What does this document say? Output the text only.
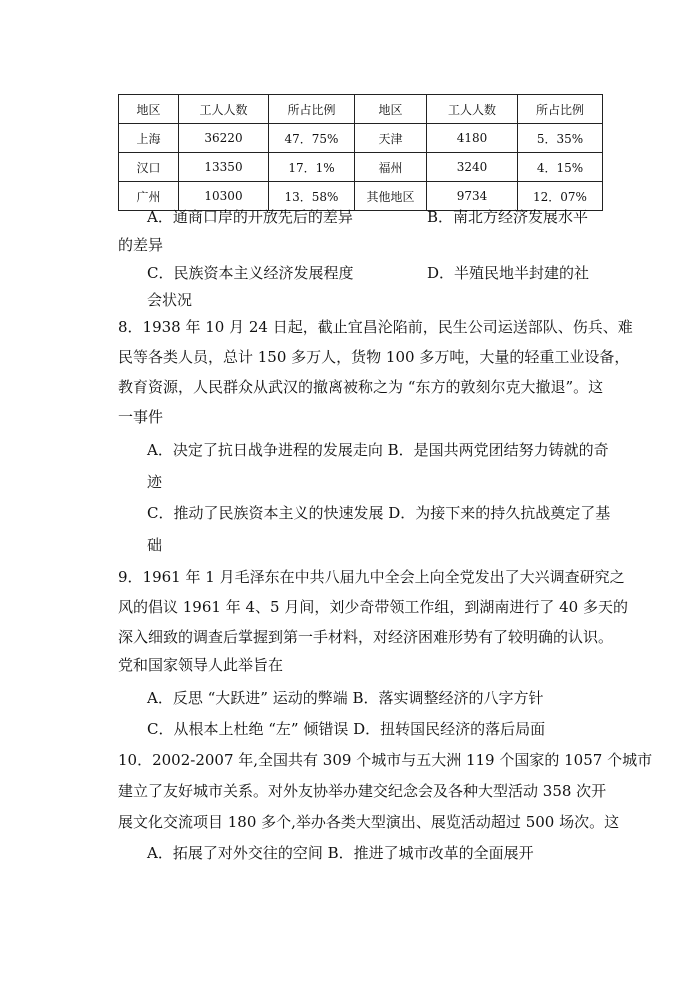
地区	工人人数	所占比例	地区	工人人数	所占比例
上海	36220	47．75%	天津	4180	5．35%
汉口	13350	17．1%	福州	3240	4．15%
广州	10300	13．58%	其他地区	9734	12．07%
A．通商口岸的开放先后的差异	B．南北方经济发展水平
的差异
C．民族资本主义经济发展程度	D．半殖民地半封建的社
会状况
8．1938 年 10 月 24 日起，截止宜昌沦陷前，民生公司运送部队、伤兵、难
民等各类人员，总计 150 多万人，货物 100 多万吨，大量的轻重工业设备，
教育资源，人民群众从武汉的撤离被称之为 “东方的敦刻尔克大撤退”。这
一事件
A．决定了抗日战争进程的发展走向 B．是国共两党团结努力铸就的奇
迹
C．推动了民族资本主义的快速发展 D．为接下来的持久抗战奠定了基
础
9．1961 年 1 月毛泽东在中共八届九中全会上向全党发出了大兴调查研究之
风的倡议 1961 年 4、5 月间，刘少奇带领工作组，到湖南进行了 40 多天的
深入细致的调查后掌握到第一手材料，对经济困难形势有了较明确的认识。
党和国家领导人此举旨在
A．反思 “大跃进” 运动的弊端 B．落实调整经济的八字方针
C．从根本上杜绝 “左” 倾错误 D．扭转国民经济的落后局面
10．2002-2007 年,全国共有 309 个城市与五大洲 119 个国家的 1057 个城市
建立了友好城市关系。对外友协举办建交纪念会及各种大型活动 358 次开
展文化交流项目 180 多个,举办各类大型演出、展览活动超过 500 场次。这
A．拓展了对外交往的空间 B．推进了城市改革的全面展开
